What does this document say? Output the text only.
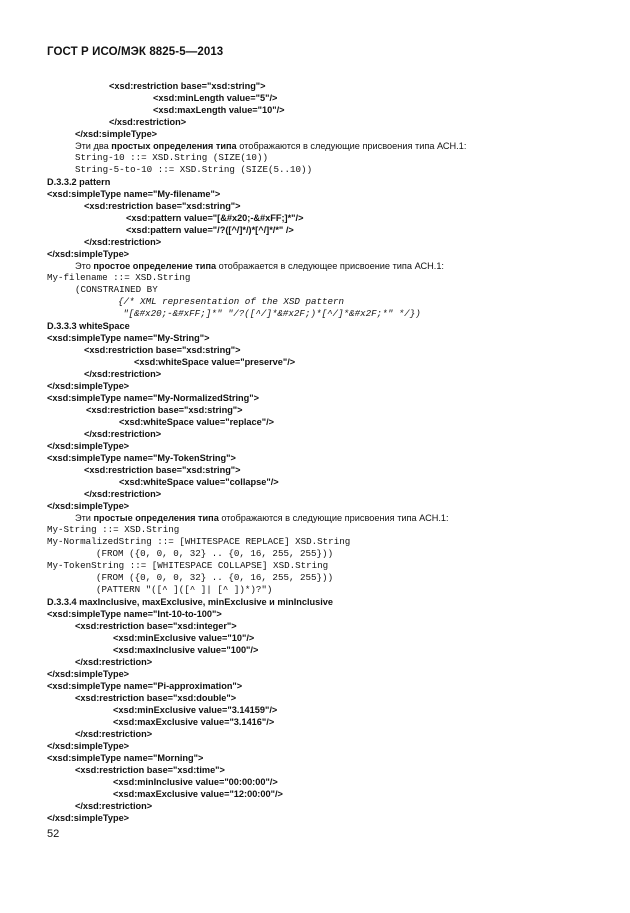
ГОСТ Р ИСО/МЭК 8825-5—2013
<xsd:restriction base="xsd:string">
<xsd:minLength value="5"/>
<xsd:maxLength value="10"/>
</xsd:restriction>
</xsd:simpleType>
Эти два простых определения типа отображаются в следующие присвоения типа АСН.1:
String-10 ::= XSD.String (SIZE(10))
String-5-to-10 ::= XSD.String (SIZE(5..10))
D.3.3.2 pattern
<xsd:simpleType name="My-filename">
<xsd:restriction base="xsd:string">
<xsd:pattern value="[&#x20;-&#xFF;]*"/>
<xsd:pattern value="/?([^/]*/)*[^/]*/*" />
</xsd:restriction>
</xsd:simpleType>
Это простое определение типа отображается в следующее присвоение типа АСН.1:
My-filename ::= XSD.String
(CONSTRAINED BY
{/* XML representation of the XSD pattern
"[&#x20;-&#xFF;]*" "/?([^/]*&#x2F;)*[^/]*&#x2F;*" */})
D.3.3.3 whiteSpace
<xsd:simpleType name="My-String">
<xsd:restriction base="xsd:string">
<xsd:whiteSpace value="preserve"/>
</xsd:restriction>
</xsd:simpleType>
<xsd:simpleType name="My-NormalizedString">
<xsd:restriction base="xsd:string">
<xsd:whiteSpace value="replace"/>
</xsd:restriction>
</xsd:simpleType>
<xsd:simpleType name="My-TokenString">
<xsd:restriction base="xsd:string">
<xsd:whiteSpace value="collapse"/>
</xsd:restriction>
</xsd:simpleType>
Эти простые определения типа отображаются в следующие присвоения типа АСН.1:
My-String ::= XSD.String
My-NormalizedString ::= [WHITESPACE REPLACE] XSD.String
(FROM ({0, 0, 0, 32} .. {0, 16, 255, 255}))
My-TokenString ::= [WHITESPACE COLLAPSE] XSD.String
(FROM ({0, 0, 0, 32} .. {0, 16, 255, 255}))
(PATTERN "([^ ]([^ ]| [^ ])*)?")
D.3.3.4 maxInclusive, maxExclusive, minExclusive и minInclusive
<xsd:simpleType name="Int-10-to-100">
<xsd:restriction base="xsd:integer">
<xsd:minExclusive value="10"/>
<xsd:maxInclusive value="100"/>
</xsd:restriction>
</xsd:simpleType>
<xsd:simpleType name="Pi-approximation">
<xsd:restriction base="xsd:double">
<xsd:minExclusive value="3.14159"/>
<xsd:maxExclusive value="3.1416"/>
</xsd:restriction>
</xsd:simpleType>
<xsd:simpleType name="Morning">
<xsd:restriction base="xsd:time">
<xsd:minInclusive value="00:00:00"/>
<xsd:maxExclusive value="12:00:00"/>
</xsd:restriction>
</xsd:simpleType>
52
